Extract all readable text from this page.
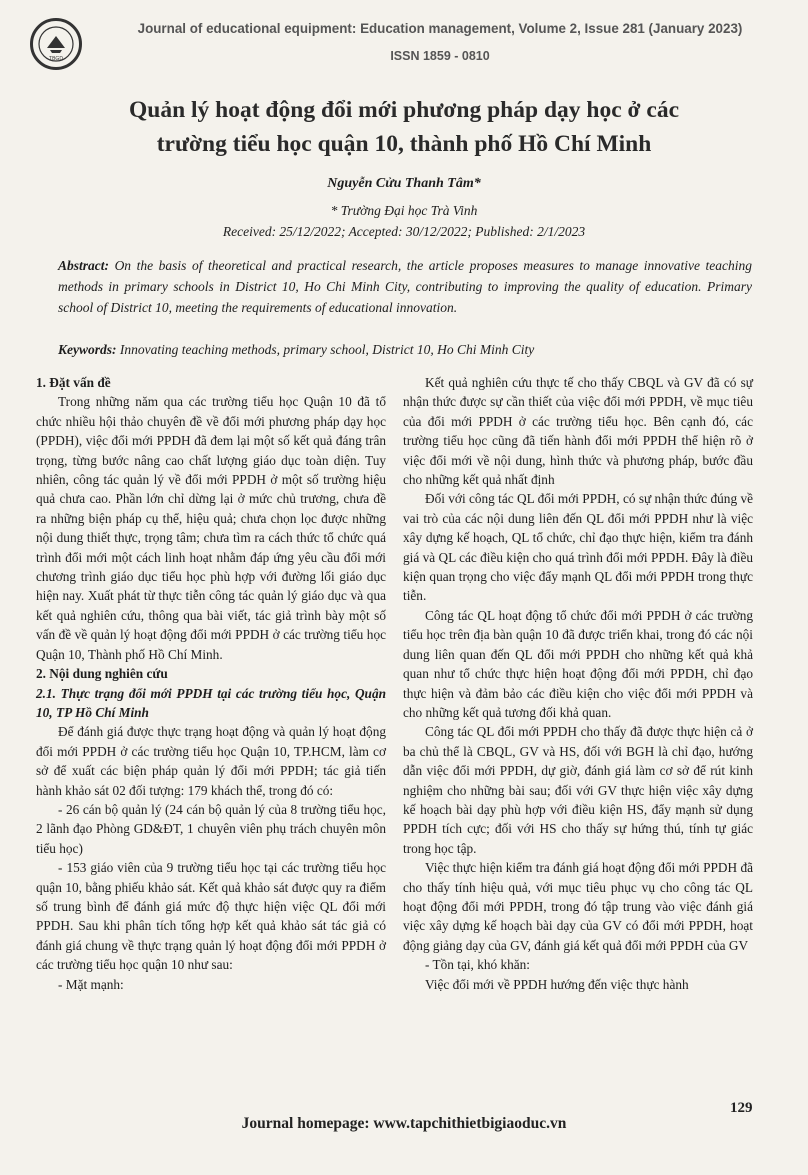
TBGD
Journal of educational equipment: Education management, Volume 2, Issue 281 (January 2023)
ISSN 1859 - 0810
Quản lý hoạt động đổi mới phương pháp dạy học ở các
trường tiểu học quận 10, thành phố Hồ Chí Minh
Nguyễn Cửu Thanh Tâm*
* Trường Đại học Trà Vinh
Received: 25/12/2022; Accepted: 30/12/2022; Published: 2/1/2023
Abstract: On the basis of theoretical and practical research, the article proposes measures to manage innovative teaching methods in primary schools in District 10, Ho Chi Minh City, contributing to improving the quality of education. Primary school of District 10, meeting the requirements of educational innovation.
Keywords: Innovating teaching methods, primary school, District 10, Ho Chi Minh City
1. Đặt vấn đề

Trong những năm qua các trường tiểu học Quận 10 đã tổ chức nhiều hội thảo chuyên đề về đổi mới phương pháp dạy học (PPDH), việc đổi mới PPDH đã đem lại một số kết quả đáng trân trọng, từng bước nâng cao chất lượng giáo dục toàn diện. Tuy nhiên, công tác quản lý về đổi mới PPDH ở một số trường hiệu quả chưa cao. Phần lớn chỉ dừng lại ở mức chủ trương, chưa đề ra những biện pháp cụ thể, hiệu quả; chưa chọn lọc được những nội dung thiết thực, trọng tâm; chưa tìm ra cách thức tổ chức quá trình đổi mới một cách linh hoạt nhằm đáp ứng yêu cầu đổi mới chương trình giáo dục tiểu học phù hợp với đường lối giáo dục hiện nay. Xuất phát từ thực tiễn công tác quản lý giáo dục và qua kết quả nghiên cứu, thông qua bài viết, tác giả trình bày một số vấn đề về quản lý hoạt động đổi mới PPDH ở các trường tiểu học Quận 10, Thành phố Hồ Chí Minh.

2. Nội dung nghiên cứu
2.1. Thực trạng đổi mới PPDH tại các trường tiểu học, Quận 10, TP Hồ Chí Minh

Để đánh giá được thực trạng hoạt động và quản lý hoạt động đổi mới PPDH ở các trường tiểu học Quận 10, TP.HCM, làm cơ sở để xuất các biện pháp quản lý đổi mới PPDH; tác giả tiến hành khảo sát 02 đối tượng: 179 khách thể, trong đó có:

- 26 cán bộ quản lý (24 cán bộ quản lý của 8 trường tiểu học, 2 lãnh đạo Phòng GD&ĐT, 1 chuyên viên phụ trách chuyên môn tiểu học)

- 153 giáo viên của 9 trường tiểu học tại các trường tiểu học quận 10, bằng phiếu khảo sát. Kết quả khảo sát được quy ra điểm số trung bình để đánh giá mức độ thực hiện việc QL đổi mới PPDH. Sau khi phân tích tổng hợp kết quả khảo sát tác giả có đánh giá chung về thực trạng quản lý hoạt động đổi mới PPDH ở các trường tiểu học quận 10 như sau:

- Mặt mạnh:

Kết quả nghiên cứu thực tế cho thấy CBQL và GV đã có sự nhận thức được sự cần thiết của việc đổi mới PPDH, về mục tiêu của đổi mới PPDH ở các trường tiểu học. Bên cạnh đó, các trường tiểu học cũng đã tiến hành đổi mới PPDH thể hiện rõ ở việc đổi mới về nội dung, hình thức và phương pháp, bước đầu cho những kết quả nhất định

Đối với công tác QL đổi mới PPDH, có sự nhận thức đúng về vai trò của các nội dung liên đến QL đổi mới PPDH như là việc xây dựng kế hoạch, QL tổ chức, chỉ đạo thực hiện, kiểm tra đánh giá và QL các điều kiện cho quá trình đổi mới PPDH. Đây là điều kiện quan trọng cho việc đẩy mạnh QL đổi mới PPDH trong thực tiễn.

Công tác QL hoạt động tổ chức đổi mới PPDH ở các trường tiểu học trên địa bàn quận 10 đã được triển khai, trong đó các nội dung liên quan đến QL đổi mới PPDH cho những kết quả khả quan như tổ chức thực hiện hoạt động đổi mới PPDH, chỉ đạo thực hiện và đảm bảo các điều kiện cho việc đổi mới PPDH và cho những kết quả tương đối khả quan.

Công tác QL đổi mới PPDH cho thấy đã được thực hiện cả ở ba chủ thể là CBQL, GV và HS, đối với BGH là chỉ đạo, hướng dẫn việc đổi mới PPDH, dự giờ, đánh giá làm cơ sở để rút kinh nghiệm cho những bài sau; đối với GV thực hiện việc xây dựng kế hoạch bài dạy phù hợp với điều kiện HS, đẩy mạnh sử dụng PPDH tích cực; đối với HS cho thấy sự hứng thú, tính tự giác trong học tập.

Việc thực hiện kiểm tra đánh giá hoạt động đổi mới PPDH đã cho thấy tính hiệu quả, với mục tiêu phục vụ cho công tác QL hoạt động đổi mới PPDH, trong đó tập trung vào việc đánh giá việc xây dựng kế hoạch bài dạy của GV có đổi mới PPDH, hoạt động giảng dạy của GV, đánh giá kết quả đổi mới PPDH của GV

- Tồn tại, khó khăn:

Việc đổi mới về PPDH hướng đến việc thực hành

129
Journal homepage: www.tapchithietbigiaoduc.vn
